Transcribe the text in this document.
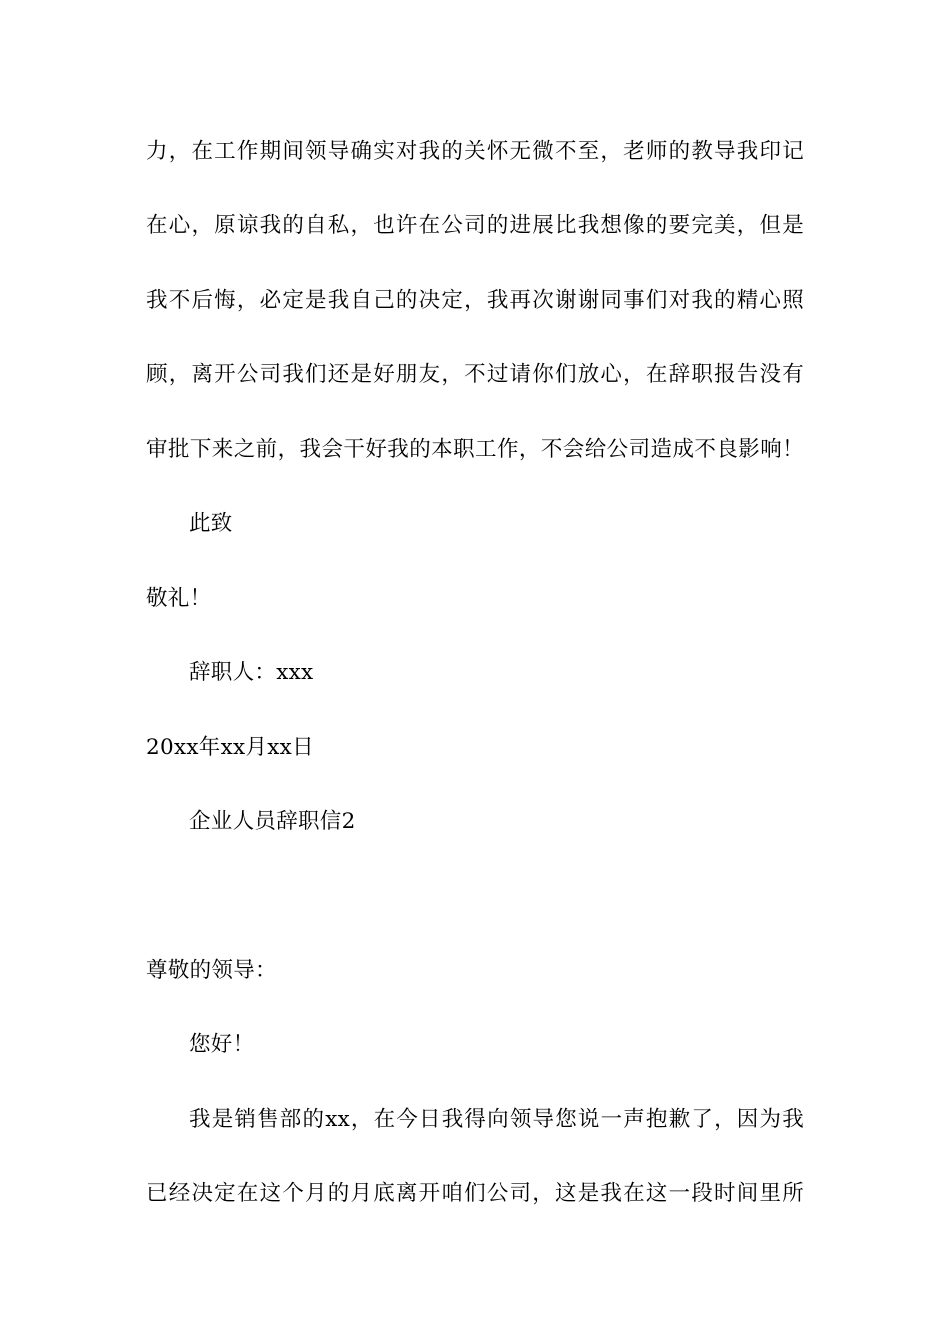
力，在工作期间领导确实对我的关怀无微不至，老师的教导我印记
在心，原谅我的自私，也许在公司的进展比我想像的要完美，但是
我不后悔，必定是我自己的决定，我再次谢谢同事们对我的精心照
顾，离开公司我们还是好朋友，不过请你们放心，在辞职报告没有
审批下来之前，我会干好我的本职工作，不会给公司造成不良影响！
此致
敬礼！
辞职人：xxx
20xx年xx月xx日
企业人员辞职信2
尊敬的领导：
您好！
我是销售部的xx，在今日我得向领导您说一声抱歉了，因为我
已经决定在这个月的月底离开咱们公司，这是我在这一段时间里所
